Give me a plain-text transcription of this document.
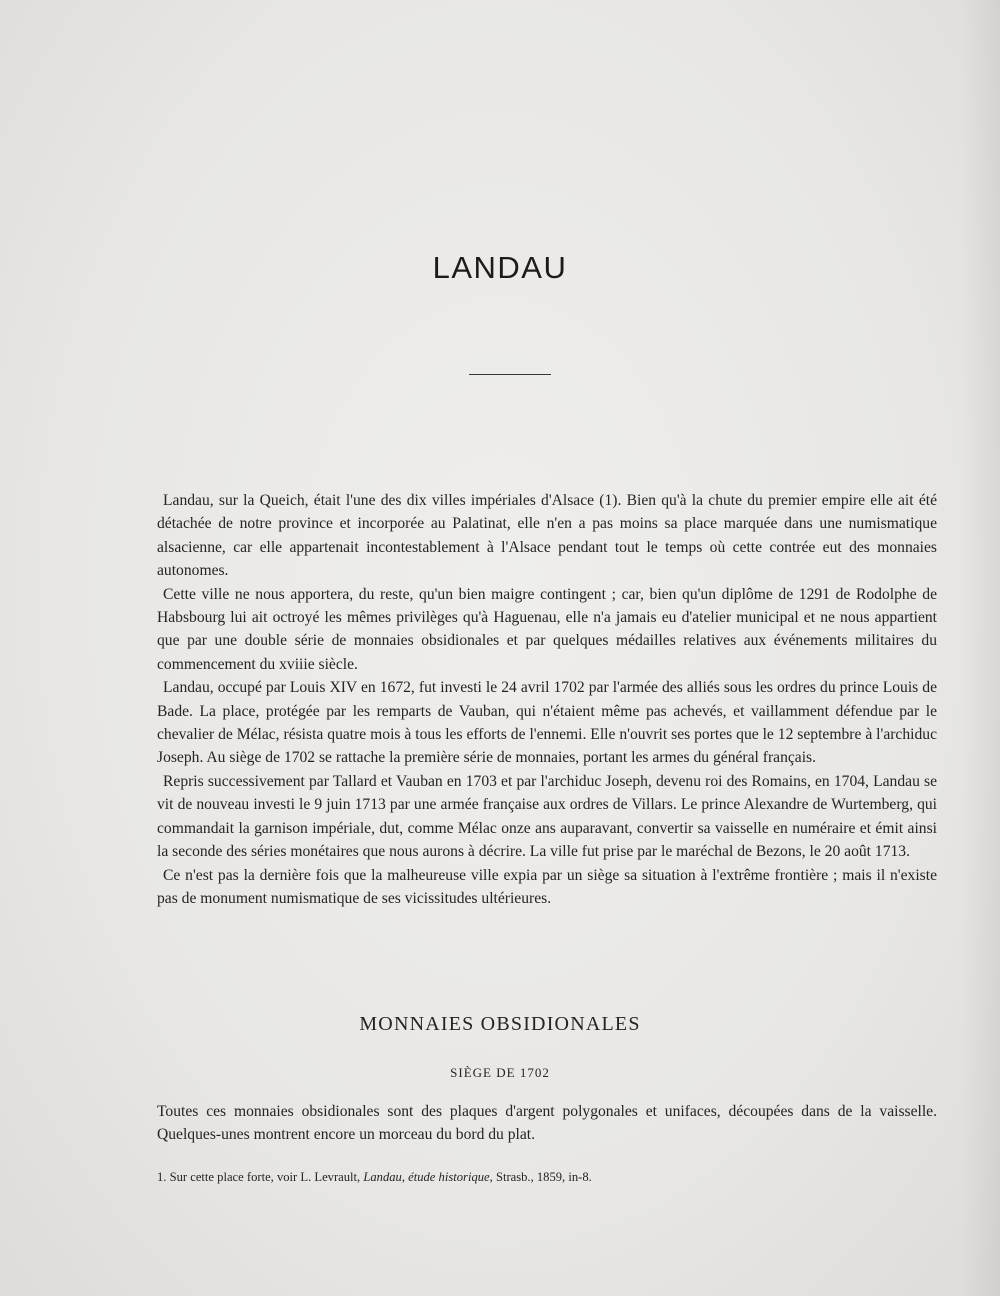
LANDAU

Landau, sur la Queich, était l'une des dix villes impériales d'Alsace (1). Bien qu'à la chute du premier empire elle ait été détachée de notre province et incorporée au Palatinat, elle n'en a pas moins sa place marquée dans une numismatique alsacienne, car elle appartenait incontestablement à l'Alsace pendant tout le temps où cette contrée eut des monnaies autonomes.

Cette ville ne nous apportera, du reste, qu'un bien maigre contingent ; car, bien qu'un diplôme de 1291 de Rodolphe de Habsbourg lui ait octroyé les mêmes privilèges qu'à Haguenau, elle n'a jamais eu d'atelier municipal et ne nous appartient que par une double série de monnaies obsidionales et par quelques médailles relatives aux événements militaires du commencement du xviiie siècle.

Landau, occupé par Louis XIV en 1672, fut investi le 24 avril 1702 par l'armée des alliés sous les ordres du prince Louis de Bade. La place, protégée par les remparts de Vauban, qui n'étaient même pas achevés, et vaillamment défendue par le chevalier de Mélac, résista quatre mois à tous les efforts de l'ennemi. Elle n'ouvrit ses portes que le 12 septembre à l'archiduc Joseph. Au siège de 1702 se rattache la première série de monnaies, portant les armes du général français.

Repris successivement par Tallard et Vauban en 1703 et par l'archiduc Joseph, devenu roi des Romains, en 1704, Landau se vit de nouveau investi le 9 juin 1713 par une armée française aux ordres de Villars. Le prince Alexandre de Wurtemberg, qui commandait la garnison impériale, dut, comme Mélac onze ans auparavant, convertir sa vaisselle en numéraire et émit ainsi la seconde des séries monétaires que nous aurons à décrire. La ville fut prise par le maréchal de Bezons, le 20 août 1713.

Ce n'est pas la dernière fois que la malheureuse ville expia par un siège sa situation à l'extrême frontière ; mais il n'existe pas de monument numismatique de ses vicissitudes ultérieures.

MONNAIES OBSIDIONALES
SIÈGE DE 1702
Toutes ces monnaies obsidionales sont des plaques d'argent polygonales et unifaces, découpées dans de la vaisselle. Quelques-unes montrent encore un morceau du bord du plat.
1. Sur cette place forte, voir L. Levrault, Landau, étude historique, Strasb., 1859, in-8.
